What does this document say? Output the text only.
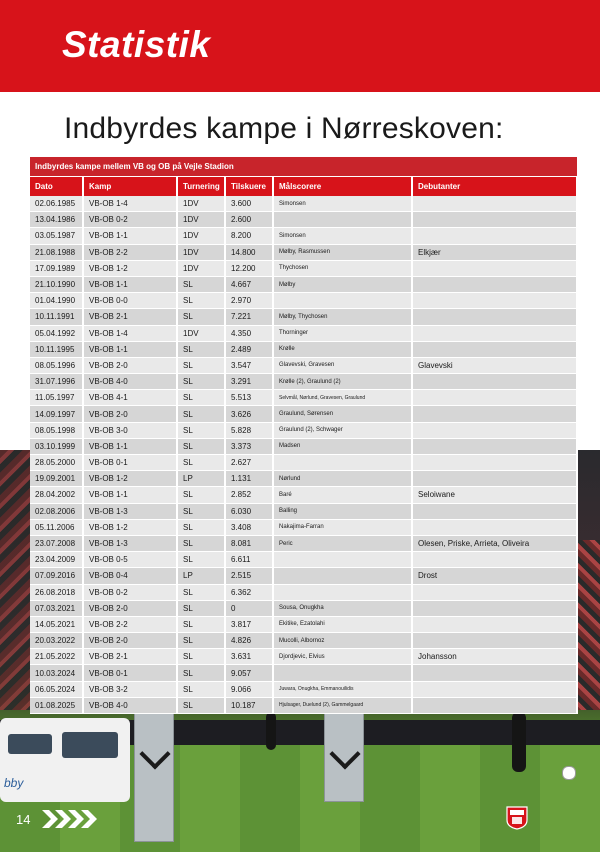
Statistik
Indbyrdes kampe i Nørreskoven:
bby
Indbyrdes kampe mellem VB og OB på Vejle Stadion
Dato	Kamp	Turnering	Tilskuere	Målscorere	Debutanter
02.06.1985	VB-OB 1-4	1DV	3.600	Simonsen	
13.04.1986	VB-OB 0-2	1DV	2.600		
03.05.1987	VB-OB 1-1	1DV	8.200	Simonsen	
21.08.1988	VB-OB 2-2	1DV	14.800	Mølby, Rasmussen	Elkjær
17.09.1989	VB-OB 1-2	1DV	12.200	Thychosen	
21.10.1990	VB-OB 1-1	SL	4.667	Mølby	
01.04.1990	VB-OB 0-0	SL	2.970		
10.11.1991	VB-OB 2-1	SL	7.221	Mølby, Thychosen	
05.04.1992	VB-OB 1-4	1DV	4.350	Thorninger	
10.11.1995	VB-OB 1-1	SL	2.489	Krølle	
08.05.1996	VB-OB 2-0	SL	3.547	Glavevski, Gravesen	Glavevski
31.07.1996	VB-OB 4-0	SL	3.291	Krølle (2), Graulund (2)	
11.05.1997	VB-OB 4-1	SL	5.513	Selvmål, Nørlund, Gravesen, Graulund	
14.09.1997	VB-OB 2-0	SL	3.626	Graulund, Sørensen	
08.05.1998	VB-OB 3-0	SL	5.828	Graulund (2), Schwager	
03.10.1999	VB-OB 1-1	SL	3.373	Madsen	
28.05.2000	VB-OB 0-1	SL	2.627		
19.09.2001	VB-OB 1-2	LP	1.131	Nørlund	
28.04.2002	VB-OB 1-1	SL	2.852	Baré	Seloiwane
02.08.2006	VB-OB 1-3	SL	6.030	Balling	
05.11.2006	VB-OB 1-2	SL	3.408	Nakajima-Farran	
23.07.2008	VB-OB 1-3	SL	8.081	Peric	Olesen, Priske, Arrieta, Oliveira
23.04.2009	VB-OB 0-5	SL	6.611		
07.09.2016	VB-OB 0-4	LP	2.515		Drost
26.08.2018	VB-OB 0-2	SL	6.362		
07.03.2021	VB-OB 2-0	SL	0	Sousa, Onugkha	
14.05.2021	VB-OB 2-2	SL	3.817	Ekitike, Ezatolahi	
20.03.2022	VB-OB 2-0	SL	4.826	Mucolli, Albornoz	
21.05.2022	VB-OB 2-1	SL	3.631	Djordjevic, Elvius	Johansson
10.03.2024	VB-OB 0-1	SL	9.057		
06.05.2024	VB-OB 3-2	SL	9.066	Juwara, Onugkha, Emmanouilidis	
01.08.2025	VB-OB 4-0	SL	10.187	Hjulsager, Duelund (2), Gammelgaard	
14
